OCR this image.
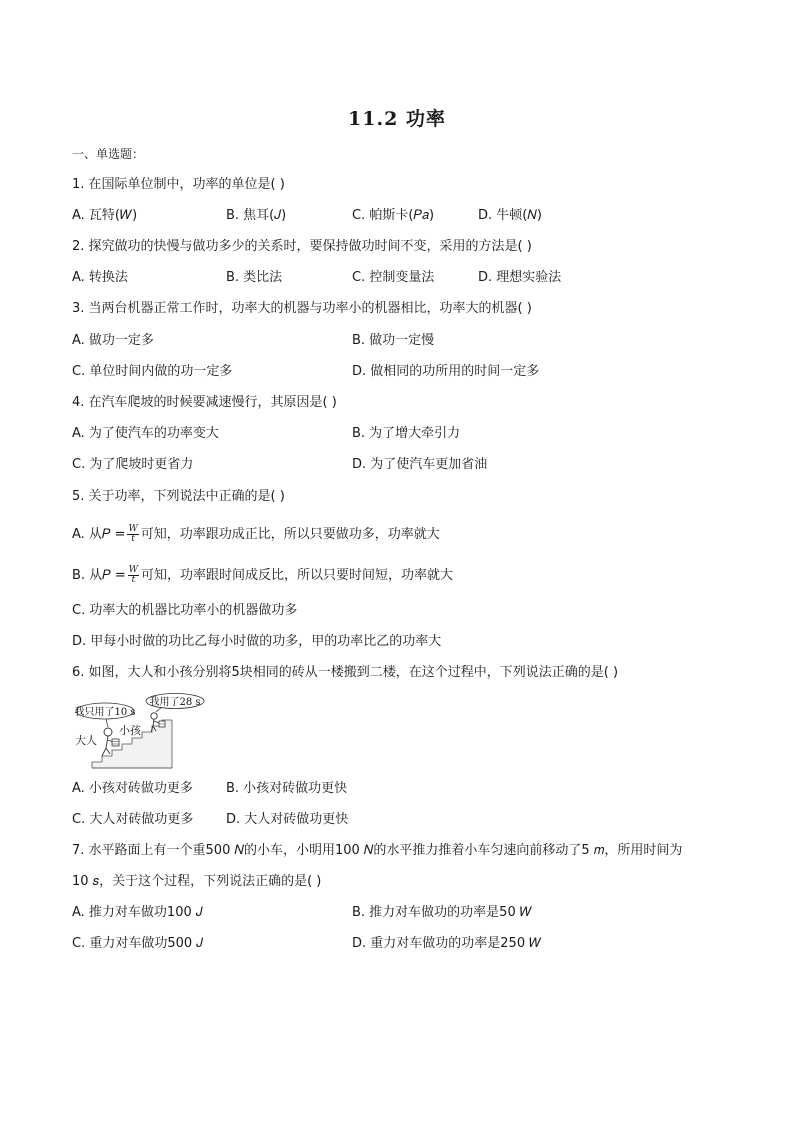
11.2 功率
一、单选题：
1. 在国际单位制中，功率的单位是( )
A. 瓦特(𝑊)	B. 焦耳(𝐽)	C. 帕斯卡(𝑃𝑎)	D. 牛顿(𝑁)
2. 探究做功的快慢与做功多少的关系时，要保持做功时间不变，采用的方法是( )
A. 转换法	B. 类比法	C. 控制变量法	D. 理想实验法
3. 当两台机器正常工作时，功率大的机器与功率小的机器相比，功率大的机器( )
A. 做功一定多	B. 做功一定慢
C. 单位时间内做的功一定多	D. 做相同的功所用的时间一定多
4. 在汽车爬坡的时候要减速慢行，其原因是( )
A. 为了使汽车的功率变大	B. 为了增大牵引力
C. 为了爬坡时更省力	D. 为了使汽车更加省油
5. 关于功率，下列说法中正确的是( )
A. 从𝑃 = $\frac{W}{t}$ 可知，功率跟功成正比，所以只要做功多，功率就大
B. 从𝑃 = $\frac{W}{t}$ 可知，功率跟时间成反比，所以只要时间短，功率就大
C. 功率大的机器比功率小的机器做功多
D. 甲每小时做的功比乙每小时做的功多，甲的功率比乙的功率大
6. 如图，大人和小孩分别将5块相同的砖从一楼搬到二楼，在这个过程中，下列说法正确的是( )
我只用了10 s
我用了28 s
大人
小孩
A. 小孩对砖做功更多	B. 小孩对砖做功更快
C. 大人对砖做功更多	D. 大人对砖做功更快
7. 水平路面上有一个重500 𝑁的小车，小明用100 𝑁的水平推力推着小车匀速向前移动了5 𝑚，所用时间为
10 𝑠，关于这个过程，下列说法正确的是( )
A. 推力对车做功100 𝐽	B. 推力对车做功的功率是50 𝑊
C. 重力对车做功500 𝐽	D. 重力对车做功的功率是250 𝑊
